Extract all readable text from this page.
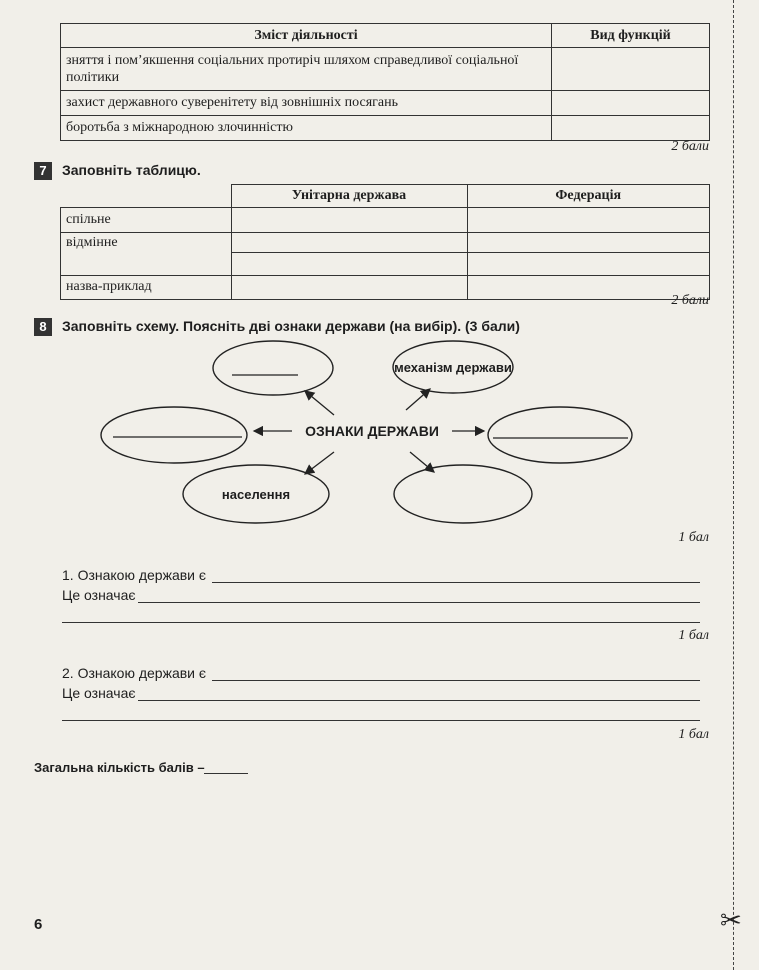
Зміст діяльності	Вид функцій
зняття і пом’якшення соціальних протиріч шляхом справедливої соціальної політики	
захист державного суверенітету від зовнішніх посягань	
боротьба з міжнародною злочинністю	
2 бали
7	Заповніть таблицю.
	Унітарна держава	Федерація
спільне		
відмінне		
назва-приклад		
2 бали
8	Заповніть схему. Поясніть дві ознаки держави (на вибір). (3 бали)
ОЗНАКИ ДЕРЖАВИ
механізм держави
населення
1 бал
1. Ознакою держави є
Це означає
1 бал
2. Ознакою держави є
Це означає
1 бал
Загальна кількість балів –
6	✂
